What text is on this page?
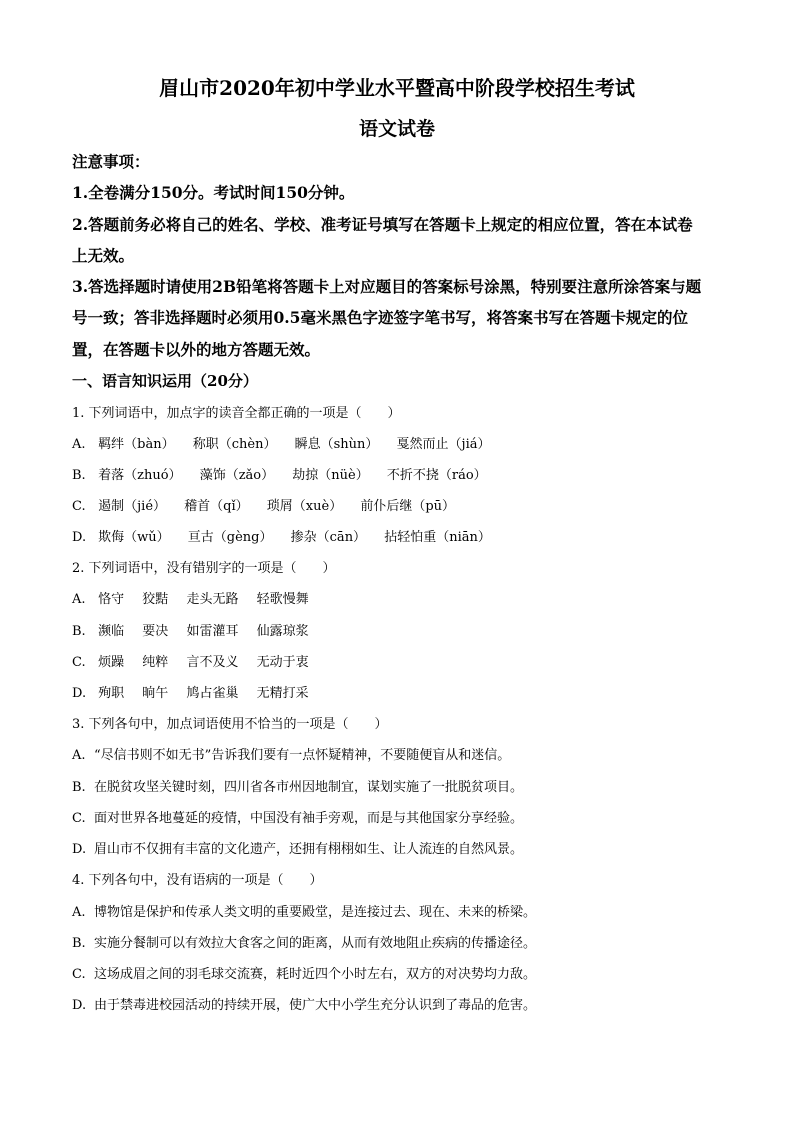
眉山市2020年初中学业水平暨高中阶段学校招生考试
语文试卷
注意事项：
1.全卷满分150分。考试时间150分钟。
2.答题前务必将自己的姓名、学校、准考证号填写在答题卡上规定的相应位置，答在本试卷
上无效。
3.答选择题时请使用2B铅笔将答题卡上对应题目的答案标号涂黑，特别要注意所涂答案与题
号一致；答非选择题时必须用0.5毫米黑色字迹签字笔书写，将答案书写在答题卡规定的位
置，在答题卡以外的地方答题无效。
一、语言知识运用（20分）
1. 下列词语中，加点字的读音全都正确的一项是（　　）
A. 羁绊（bàn） 称职（chèn） 瞬息（shùn） 戛然而止（jiá）
B. 着落（zhuó） 藻饰（zǎo） 劫掠（nüè） 不折不挠（ráo）
C. 遏制（jié） 稽首（qǐ） 琐屑（xuè） 前仆后继（pū）
D. 欺侮（wǔ） 亘古（gèng） 掺杂（cān） 拈轻怕重（niān）
2. 下列词语中，没有错别字的一项是（　　）
A. 恪守 狡黠 走头无路 轻歌慢舞
B. 濒临 要决 如雷灌耳 仙露琼浆
C. 烦躁 纯粹 言不及义 无动于衷
D. 殉职 晌午 鸠占雀巢 无精打采
3. 下列各句中，加点词语使用不恰当的一项是（　　）
A. “尽信书则不如无书”告诉我们要有一点怀疑精神，不要随便盲从和迷信。
B. 在脱贫攻坚关键时刻，四川省各市州因地制宜，谋划实施了一批脱贫项目。
C. 面对世界各地蔓延的疫情，中国没有袖手旁观，而是与其他国家分享经验。
D. 眉山市不仅拥有丰富的文化遗产，还拥有栩栩如生、让人流连的自然风景。
4. 下列各句中，没有语病的一项是（　　）
A. 博物馆是保护和传承人类文明的重要殿堂，是连接过去、现在、未来的桥梁。
B. 实施分餐制可以有效拉大食客之间的距离，从而有效地阻止疾病的传播途径。
C. 这场成眉之间的羽毛球交流赛，耗时近四个小时左右，双方的对决势均力敌。
D. 由于禁毒进校园活动的持续开展，使广大中小学生充分认识到了毒品的危害。
